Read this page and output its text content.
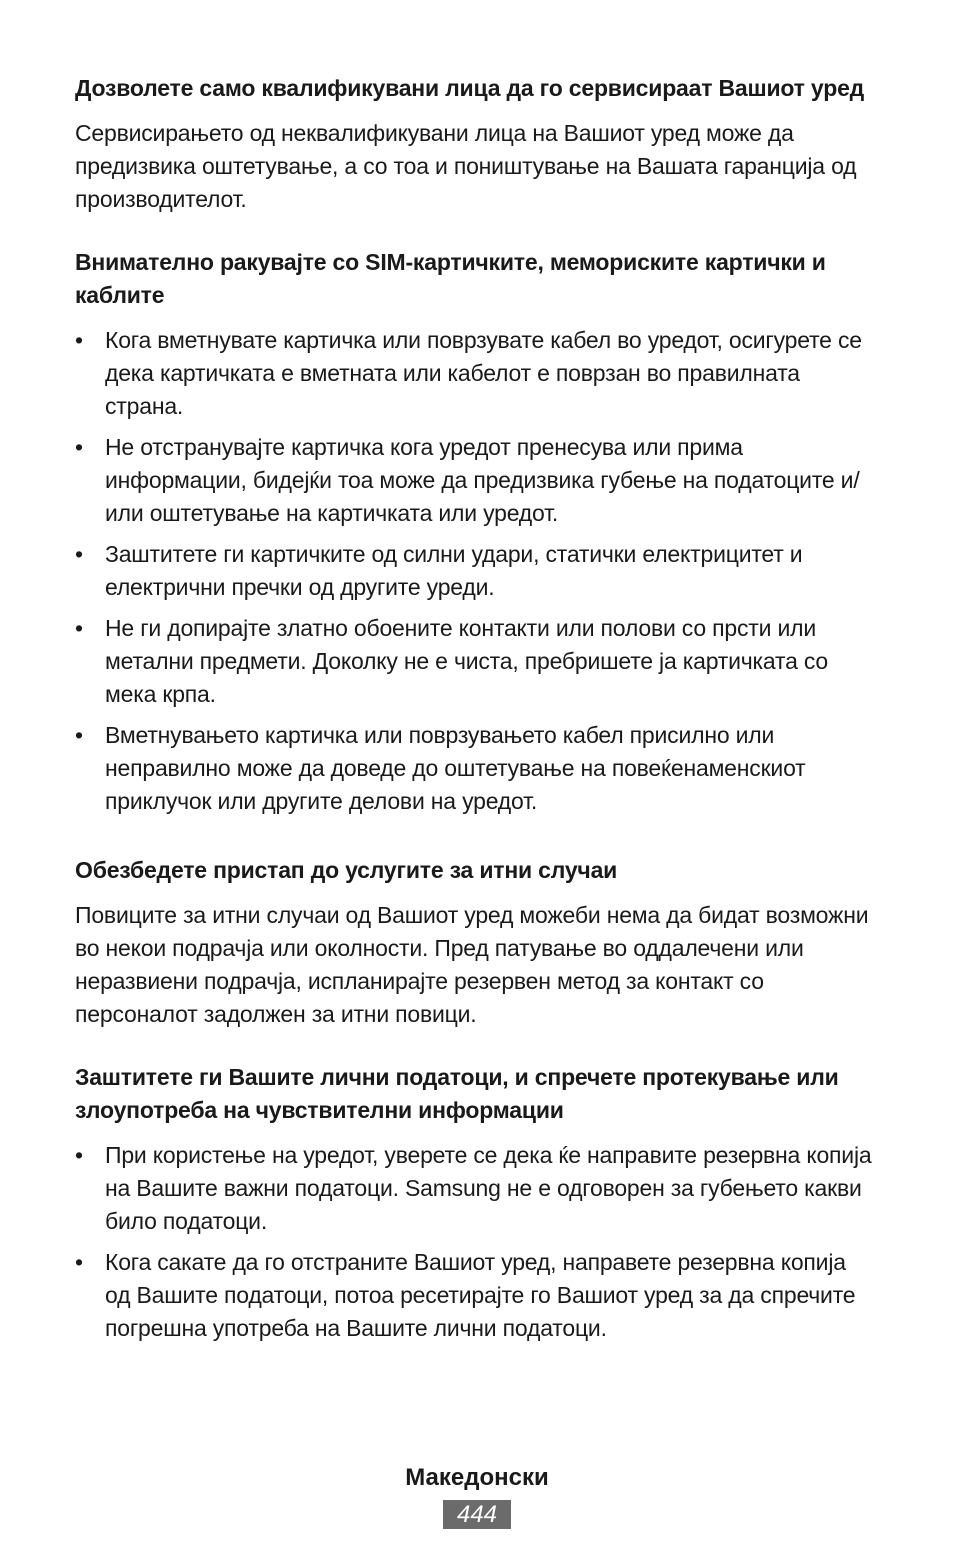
Дозволете само квалификувани лица да го сервисираат Вашиот уред

Сервисирањето од неквалификувани лица на Вашиот уред може да предизвика оштетување, а со тоа и поништување на Вашата гаранција од производителот.

Внимателно ракувајте со SIM-картичките, мемориските картички и каблите
• Кога вметнувате картичка или поврзувате кабел во уредот, осигурете се дека картичката е вметната или кабелот е поврзан во правилната страна.
• Не отстранувајте картичка кога уредот пренесува или прима информации, бидејќи тоа може да предизвика губење на податоците и/или оштетување на картичката или уредот.
• Заштитете ги картичките од силни удари, статички електрицитет и електрични пречки од другите уреди.
• Не ги допирајте златно обоените контакти или полови со прсти или метални предмети. Доколку не е чиста, пребришете ја картичката со мека крпа.
• Вметнувањето картичка или поврзувањето кабел присилно или неправилно може да доведе до оштетување на повеќенаменскиот приклучок или другите делови на уредот.
Обезбедете пристап до услугите за итни случаи

Повиците за итни случаи од Вашиот уред можеби нема да бидат возможни во некои подрачја или околности. Пред патување во оддалечени или неразвиени подрачја, испланирајте резервен метод за контакт со персоналот задолжен за итни повици.

Заштитете ги Вашите лични податоци, и спречете протекување или злоупотреба на чувствителни информации
• При користење на уредот, уверете се дека ќе направите резервна копија на Вашите важни податоци. Samsung не е одговорен за губењето какви било податоци.
• Кога сакате да го отстраните Вашиот уред, направете резервна копија од Вашите податоци, потоа ресетирајте го Вашиот уред за да спречите погрешна употреба на Вашите лични податоци.
Македонски
444
